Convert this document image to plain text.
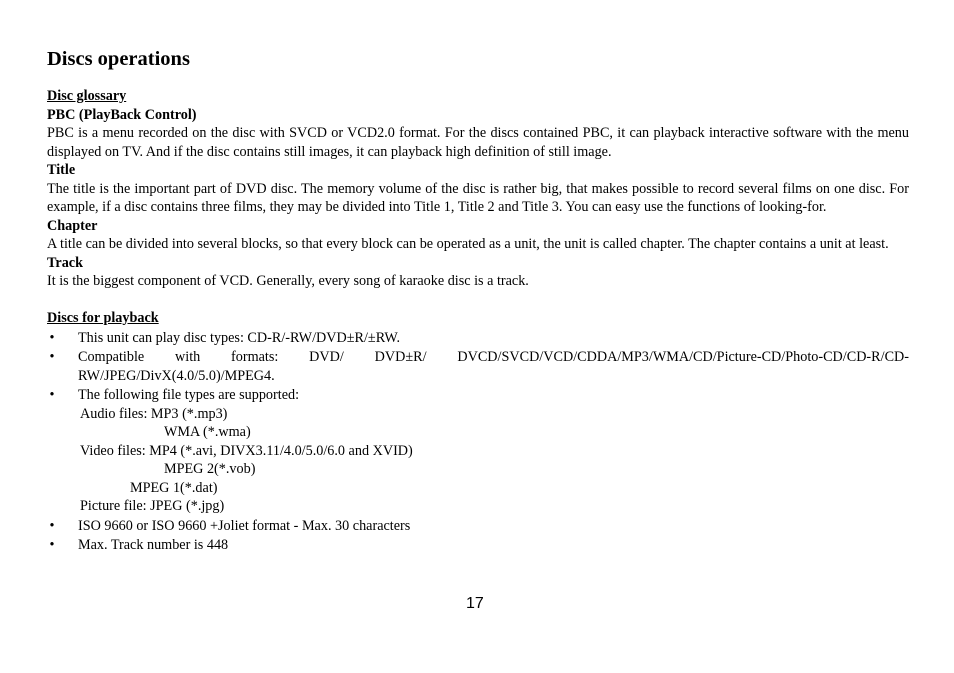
Discs operations
Disc glossary
PBC (PlayBack Control)

PBC is a menu recorded on the disc with SVCD or VCD2.0 format. For the discs contained PBC, it can playback interactive software with the menu displayed on TV. And if the disc contains still images, it can playback high definition of still image.

Title

The title is the important part of DVD disc. The memory volume of the disc is rather big, that makes possible to record several films on one disc. For example, if a disc contains three films, they may be divided into Title 1, Title 2 and Title 3. You can easy use the functions of looking-for.

Chapter

A title can be divided into several blocks, so that every block can be operated as a unit, the unit is called chapter. The chapter contains a unit at least.

Track

It is the biggest component of VCD. Generally, every song of karaoke disc is a track.

Discs for playback
•	This unit can play disc types: CD-R/-RW/DVD±R/±RW.
•	Compatible with formats: DVD/ DVD±R/ DVCD/SVCD/VCD/CDDA/MP3/WMA/CD/Picture-CD/Photo-CD/CD-R/CD-RW/JPEG/DivX(4.0/5.0)/MPEG4.
•	The following file types are supported:
Audio files: MP3 (*.mp3)
WMA (*.wma)
Video files: MP4 (*.avi, DIVX3.11/4.0/5.0/6.0 and XVID)
MPEG 2(*.vob)
MPEG 1(*.dat)
Picture file: JPEG (*.jpg)
•	ISO 9660 or ISO 9660 +Joliet format - Max. 30 characters
•	Max. Track number is 448
17
